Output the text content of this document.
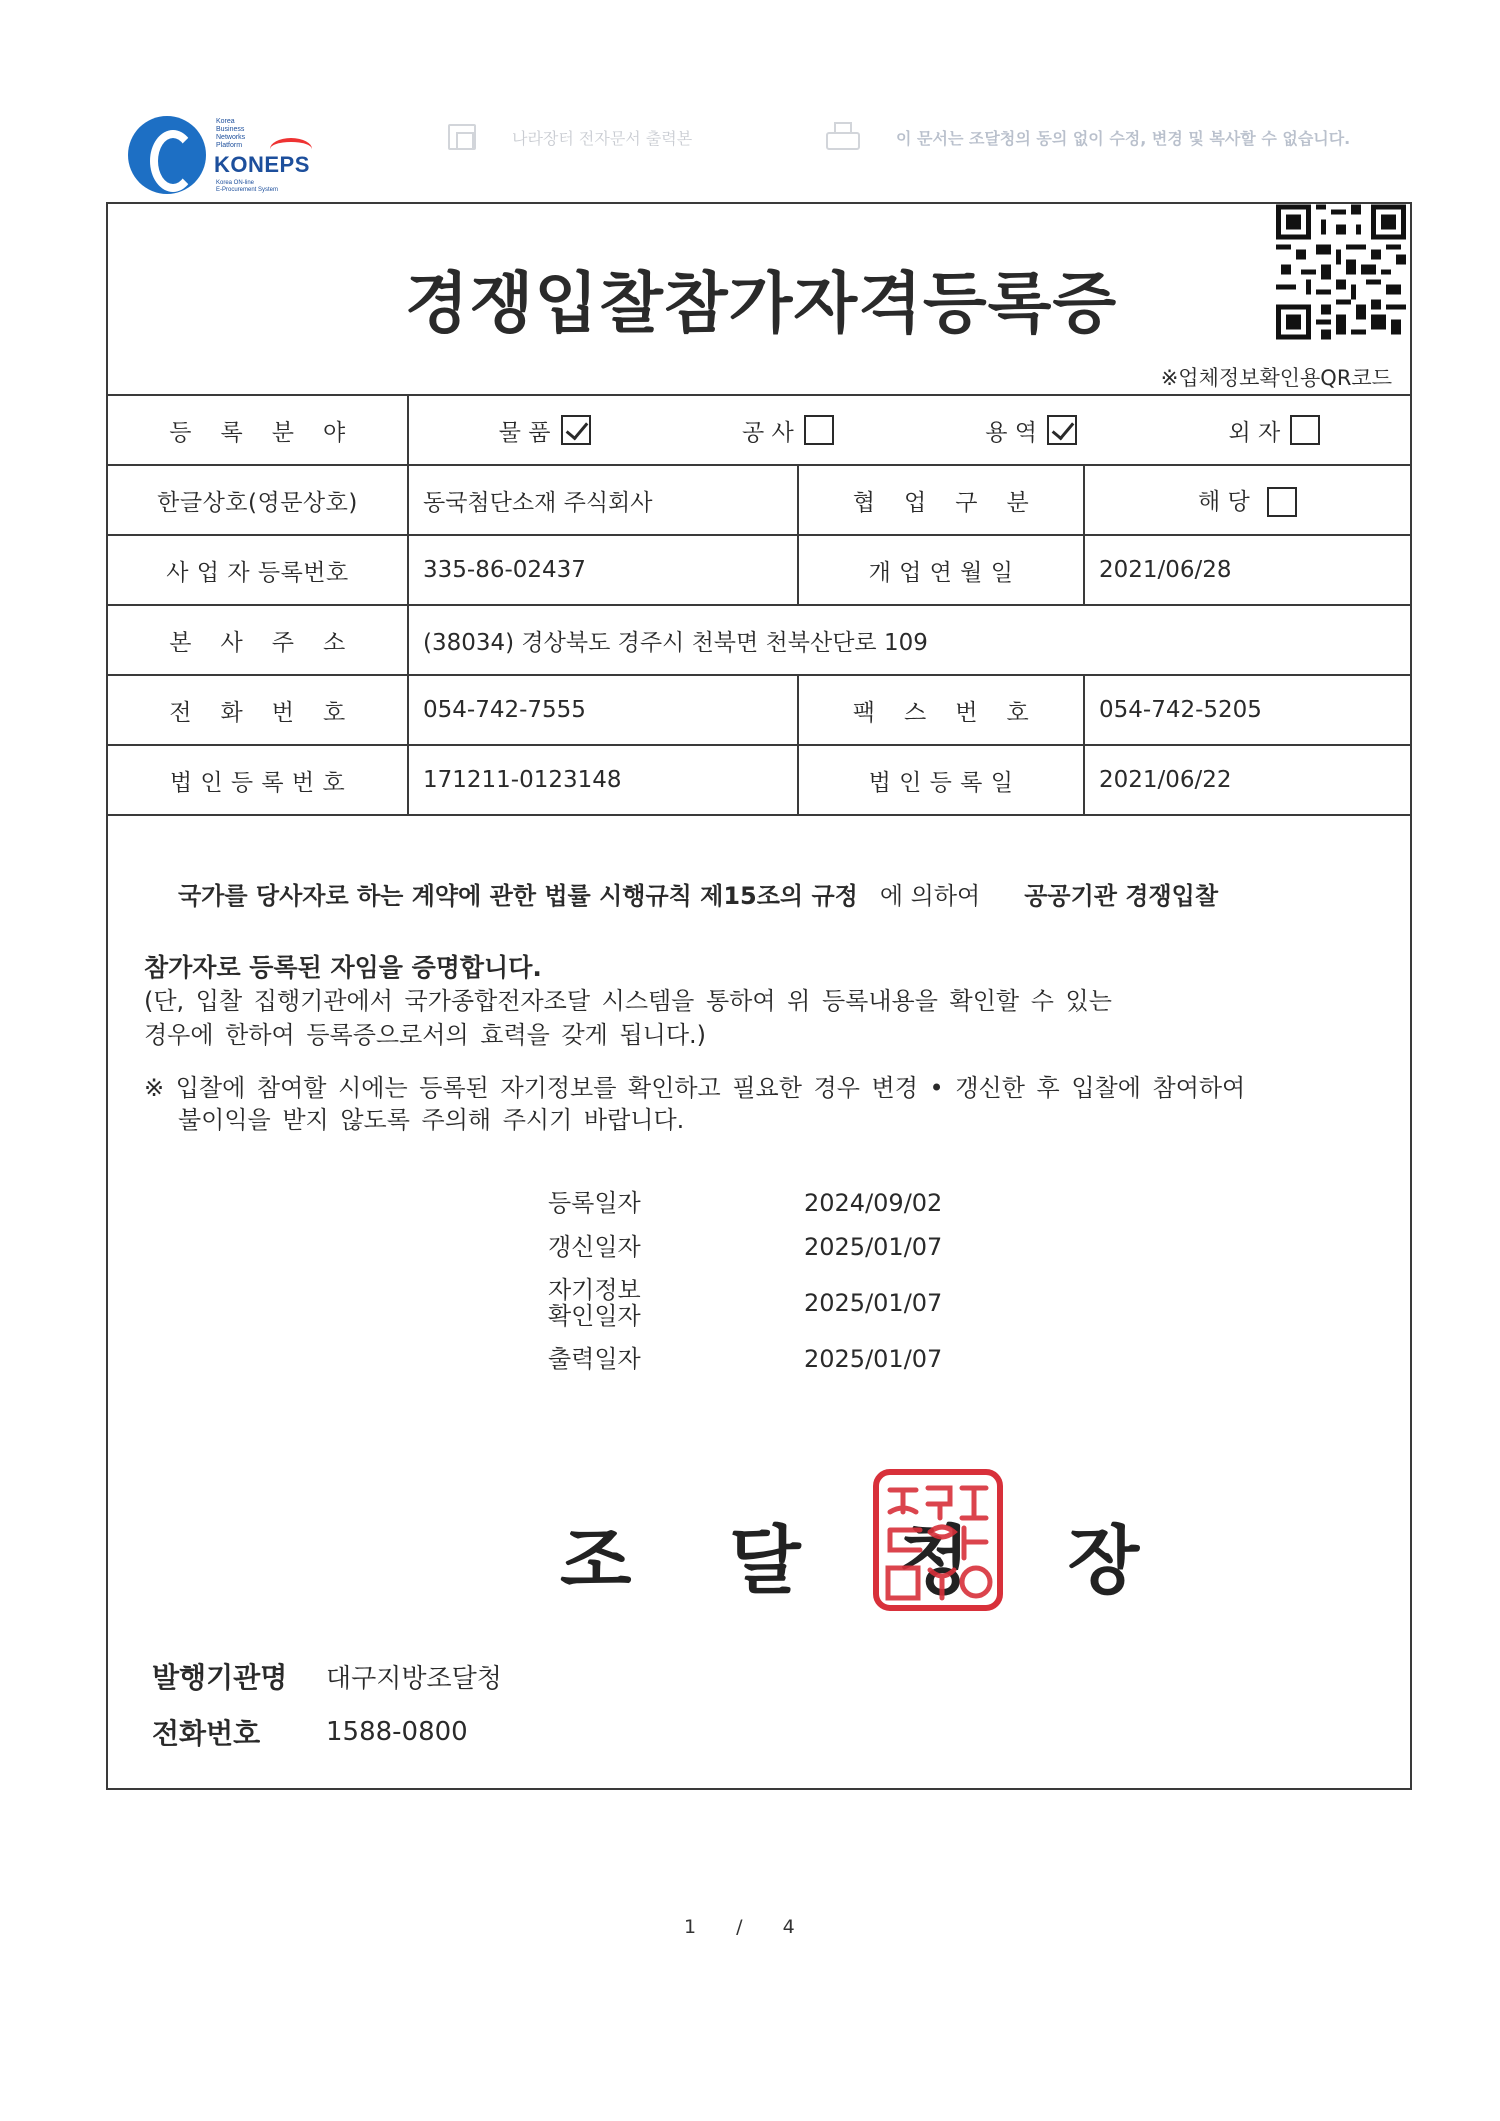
Korea
Business
Networks
Platform
KONEPS
Korea ON-line
E-Procurement System
나라장터 전자문서 출력본	이 문서는 조달청의 동의 없이 수정, 변경 및 복사할 수 없습니다.
경쟁입찰참가자격등록증
※업체정보확인용QR코드
등 록 분 야	물 품 공 사 용 역 외 자		

한글상호(영문상호)	동국첨단소재 주식회사	협 업 구 분	해 당
사 업 자 등록번호	335-86-02437	개 업 연 월 일	2021/06/28
본 사 주 소	(38034) 경상북도 경주시 천북면 천북산단로 109		
전 화 번 호	054-742-7555	팩 스 번 호	054-742-5205
법 인 등 록 번 호	171211-0123148	법 인 등 록 일	2021/06/22
국가를 당사자로 하는 계약에 관한 법률 시행규칙 제15조의 규정 에 의하여 공공기관 경쟁입찰
참가자로 등록된 자임을 증명합니다.
(단, 입찰 집행기관에서 국가종합전자조달 시스템을 통하여 위 등록내용을 확인할 수 있는
경우에 한하여 등록증으로서의 효력을 갖게 됩니다.)
※ 입찰에 참여할 시에는 등록된 자기정보를 확인하고 필요한 경우 변경 • 갱신한 후 입찰에 참여하여
불이익을 받지 않도록 주의해 주시기 바랍니다.
등록일자	2024/09/02
갱신일자	2025/01/07
자기정보
확인일자	2025/01/07
출력일자	2025/01/07
조 달 청 장
발행기관명	대구지방조달청
전화번호	1588-0800
1 / 4
